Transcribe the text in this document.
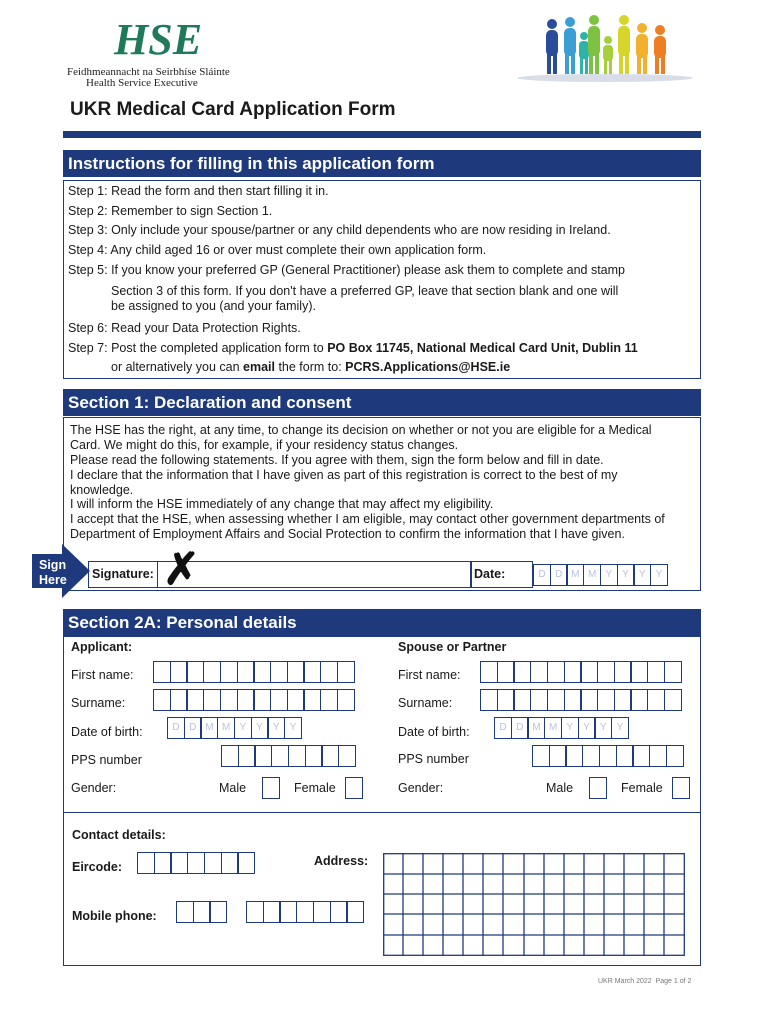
HSE
Feidhmeannacht na Seirbhíse Sláinte
Health Service Executive
UKR Medical Card Application Form
Instructions for filling in this application form
Step 1: Read the form and then start filling it in.
Step 2: Remember to sign Section 1.
Step 3: Only include your spouse/partner or any child dependents who are now residing in Ireland.
Step 4: Any child aged 16 or over must complete their own application form.
Step 5: If you know your preferred GP (General Practitioner) please ask them to complete and stamp
Section 3 of this form. If you don't have a preferred GP, leave that section blank and one will
be assigned to you (and your family).
Step 6: Read your Data Protection Rights.
Step 7: Post the completed application form to PO Box 11745, National Medical Card Unit, Dublin 11
or alternatively you can email the form to: PCRS.Applications@HSE.ie
Section 1: Declaration and consent
The HSE has the right, at any time, to change its decision on whether or not you are eligible for a Medical
Card. We might do this, for example, if your residency status changes.
Please read the following statements. If you agree with them, sign the form below and fill in date.
I declare that the information that I have given as part of this registration is correct to the best of my
knowledge.
I will inform the HSE immediately of any change that may affect my eligibility.
I accept that the HSE, when assessing whether I am eligible, may contact other government departments of
Department of Employment Affairs and Social Protection to confirm the information that I have given.
Sign
Here Signature: ✗	Date:	D D M M Y	Y	Y	Y
Section 2A: Personal details
Applicant:	Spouse or Partner
First name:
Surname:
Date of birth:	D D M M Y	Y	Y	Y
PPS number
Gender:	Male	Female
First name:
Surname:
Date of birth:	D D M M Y	Y	Y	Y
PPS number
Gender:	Male	Female
Contact details:
Eircode:
Mobile phone:
Address:
UKR March 2022 Page 1 of 2
